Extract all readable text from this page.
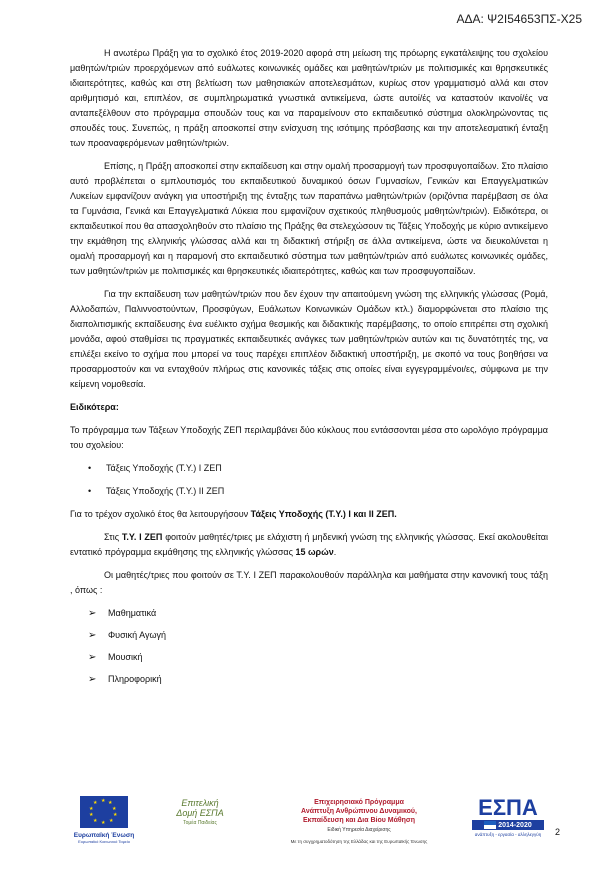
ΑΔΑ: Ψ2Ι54653ΠΣ-Χ25

Η ανωτέρω Πράξη για το σχολικό έτος 2019-2020 αφορά στη μείωση της πρόωρης εγκατάλειψης του σχολείου μαθητών/τριών προερχόμενων από ευάλωτες κοινωνικές ομάδες και μαθητών/τριών με πολιτισμικές και θρησκευτικές ιδιαιτερότητες, καθώς και στη βελτίωση των μαθησιακών αποτελεσμάτων, κυρίως στον γραμματισμό αλλά και στον αριθμητισμό και, επιπλέον, σε συμπληρωματικά γνωστικά αντικείμενα, ώστε αυτοί/ές να καταστούν ικανοί/ές να ανταπεξέλθουν στο πρόγραμμα σπουδών τους και να παραμείνουν στο εκπαιδευτικό σύστημα ολοκληρώνοντας τις σπουδές τους. Συνεπώς, η πράξη αποσκοπεί στην ενίσχυση της ισότιμης πρόσβασης και την αποτελεσματική ένταξη των προαναφερόμενων μαθητών/τριών.

Επίσης, η Πράξη αποσκοπεί στην εκπαίδευση και στην ομαλή προσαρμογή των προσφυγοπαίδων. Στο πλαίσιο αυτό προβλέπεται ο εμπλουτισμός του εκπαιδευτικού δυναμικού όσων Γυμνασίων, Γενικών και Επαγγελματικών Λυκείων εμφανίζουν ανάγκη για υποστήριξη της ένταξης των παραπάνω μαθητών/τριών (οριζόντια παρέμβαση σε όλα τα Γυμνάσια, Γενικά και Επαγγελματικά Λύκεια που εμφανίζουν σχετικούς πληθυσμούς μαθητών/τριών). Ειδικότερα, οι εκπαιδευτικοί που θα απασχοληθούν στο πλαίσιο της Πράξης θα στελεχώσουν τις Τάξεις Υποδοχής με κύριο αντικείμενο την εκμάθηση της ελληνικής γλώσσας αλλά και τη διδακτική στήριξη σε άλλα αντικείμενα, ώστε να διευκολύνεται η ομαλή προσαρμογή και η παραμονή στο εκπαιδευτικό σύστημα των μαθητών/τριών από ευάλωτες κοινωνικές ομάδες, των μαθητών/τριών με πολιτισμικές και θρησκευτικές ιδιαιτερότητες, καθώς και των προσφυγοπαίδων.

Για την εκπαίδευση των μαθητών/τριών που δεν έχουν την απαιτούμενη γνώση της ελληνικής γλώσσας (Ρομά, Αλλοδαπών, Παλιννοστούντων, Προσφύγων, Ευάλωτων Κοινωνικών Ομάδων κτλ.) διαμορφώνεται στο πλαίσιο της διαπολιτισμικής εκπαίδευσης ένα ευέλικτο σχήμα θεσμικής και διδακτικής παρέμβασης, το οποίο επιτρέπει στη σχολική μονάδα, αφού σταθμίσει τις πραγματικές εκπαιδευτικές ανάγκες των μαθητών/τριών αυτών και τις δυνατότητές της, να επιλέξει εκείνο το σχήμα που μπορεί να τους παρέχει επιπλέον διδακτική υποστήριξη, με σκοπό να τους βοηθήσει να προσαρμοστούν και να ενταχθούν πλήρως στις κανονικές τάξεις στις οποίες είναι εγγεγραμμένοι/ες, σύμφωνα με την κείμενη νομοθεσία.

Ειδικότερα:

Το πρόγραμμα των Τάξεων Υποδοχής ΖΕΠ περιλαμβάνει δύο κύκλους που εντάσσονται μέσα στο ωρολόγιο πρόγραμμα του σχολείου:

• Τάξεις Υποδοχής (Τ.Υ.) Ι ΖΕΠ
• Τάξεις Υποδοχής (Τ.Υ.) ΙΙ ΖΕΠ

Για το τρέχον σχολικό έτος θα λειτουργήσουν Τάξεις Υποδοχής (Τ.Υ.) Ι και ΙΙ ΖΕΠ.

Στις Τ.Υ. Ι ΖΕΠ φοιτούν μαθητές/τριες με ελάχιστη ή μηδενική γνώση της ελληνικής γλώσσας. Εκεί ακολουθείται εντατικό πρόγραμμα εκμάθησης της ελληνικής γλώσσας 15 ωρών.

Οι μαθητές/τριες που φοιτούν σε Τ.Υ. Ι ΖΕΠ παρακολουθούν παράλληλα και μαθήματα στην κανονική τους τάξη , όπως :

➢ Μαθηματικά
➢ Φυσική Αγωγή
➢ Μουσική
➢ Πληροφορική
★ ★
★
★
★
★
★
★
★
★
Ευρωπαϊκή Ένωση
Ευρωπαϊκό Κοινωνικό Ταμείο
Επιτελική
Δομή ΕΣΠΑ
Τομέα Παιδείας
Επιχειρησιακό Πρόγραμμα
Ανάπτυξη Ανθρώπινου Δυναμικού,
Εκπαίδευση και Δια Βίου Μάθηση
Ειδική Υπηρεσία Διαχείρισης
Με τη συγχρηματοδότηση της Ελλάδας και της Ευρωπαϊκής Ένωσης
ΕΣΠΑ
2014-2020
ανάπτυξη - εργασία - αλληλεγγύη	2
